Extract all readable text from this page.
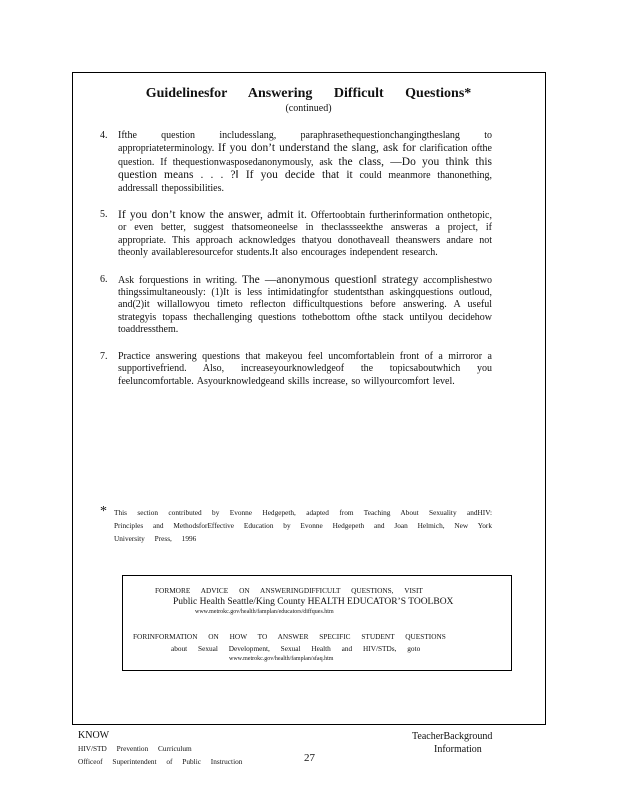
Guidelinesfor Answering Difficult Questions*
(continued)
4.	Ifthe question includesslang, paraphrasethequestionchangingtheslang to appropriateterminology. If you don’t understand the slang, ask for clarification ofthe question. If thequestionwasposedanonymously, ask the class, —Do you think this question means . . . ?‖ If you decide that it could meanmore thanonething, addressall thepossibilities.
5. If you don’t know the answer, admit it. Offertoobtain furtherinformation onthetopic, or even better, suggest thatsomeoneelse in theclassseekthe answeras a project, if appropriate. This approach acknowledges thatyou donothaveall theanswers andare not theonly availableresourcefor students.It also encourages independent research.
6.	Ask forquestions in writing. The —anonymous question‖ strategy accomplishestwo thingssimultaneously: (1)It is less intimidatingfor studentsthan askingquestions outloud, and(2)it willallowyou timeto reflecton difficultquestions before answering. A useful strategyis topass thechallenging questions tothebottom ofthe stack untilyou decidehow toaddressthem.
7.	Practice answering questions that makeyou feel uncomfortablein front of a mirroror a supportivefriend. Also, increaseyourknowledgeof the topicsaboutwhich you feeluncomfortable. Asyourknowledgeand skills increase, so willyourcomfort level.
* This section contributed by Evonne Hedgepeth, adapted from Teaching About Sexuality andHIV: Principles and MethodsforEffective Education by Evonne Hedgepeth and Joan Helmich, New York University Press, 1996
FORMORE ADVICE ON ANSWERINGDIFFICULT QUESTIONS, VISIT
Public Health Seattle/King County HEALTH EDUCATOR’S TOOLBOX
www.metrokc.gov/health/famplan/educators/diffques.htm
FORINFORMATION ON HOW TO ANSWER SPECIFIC STUDENT QUESTIONS
about Sexual Development, Sexual Health and HIV/STDs, goto
www.metrokc.gov/health/famplan/sfaq.htm
KNOW
HIV/STD Prevention Curriculum
Officeof Superintendent of Public Instruction
TeacherBackground
Information
27
